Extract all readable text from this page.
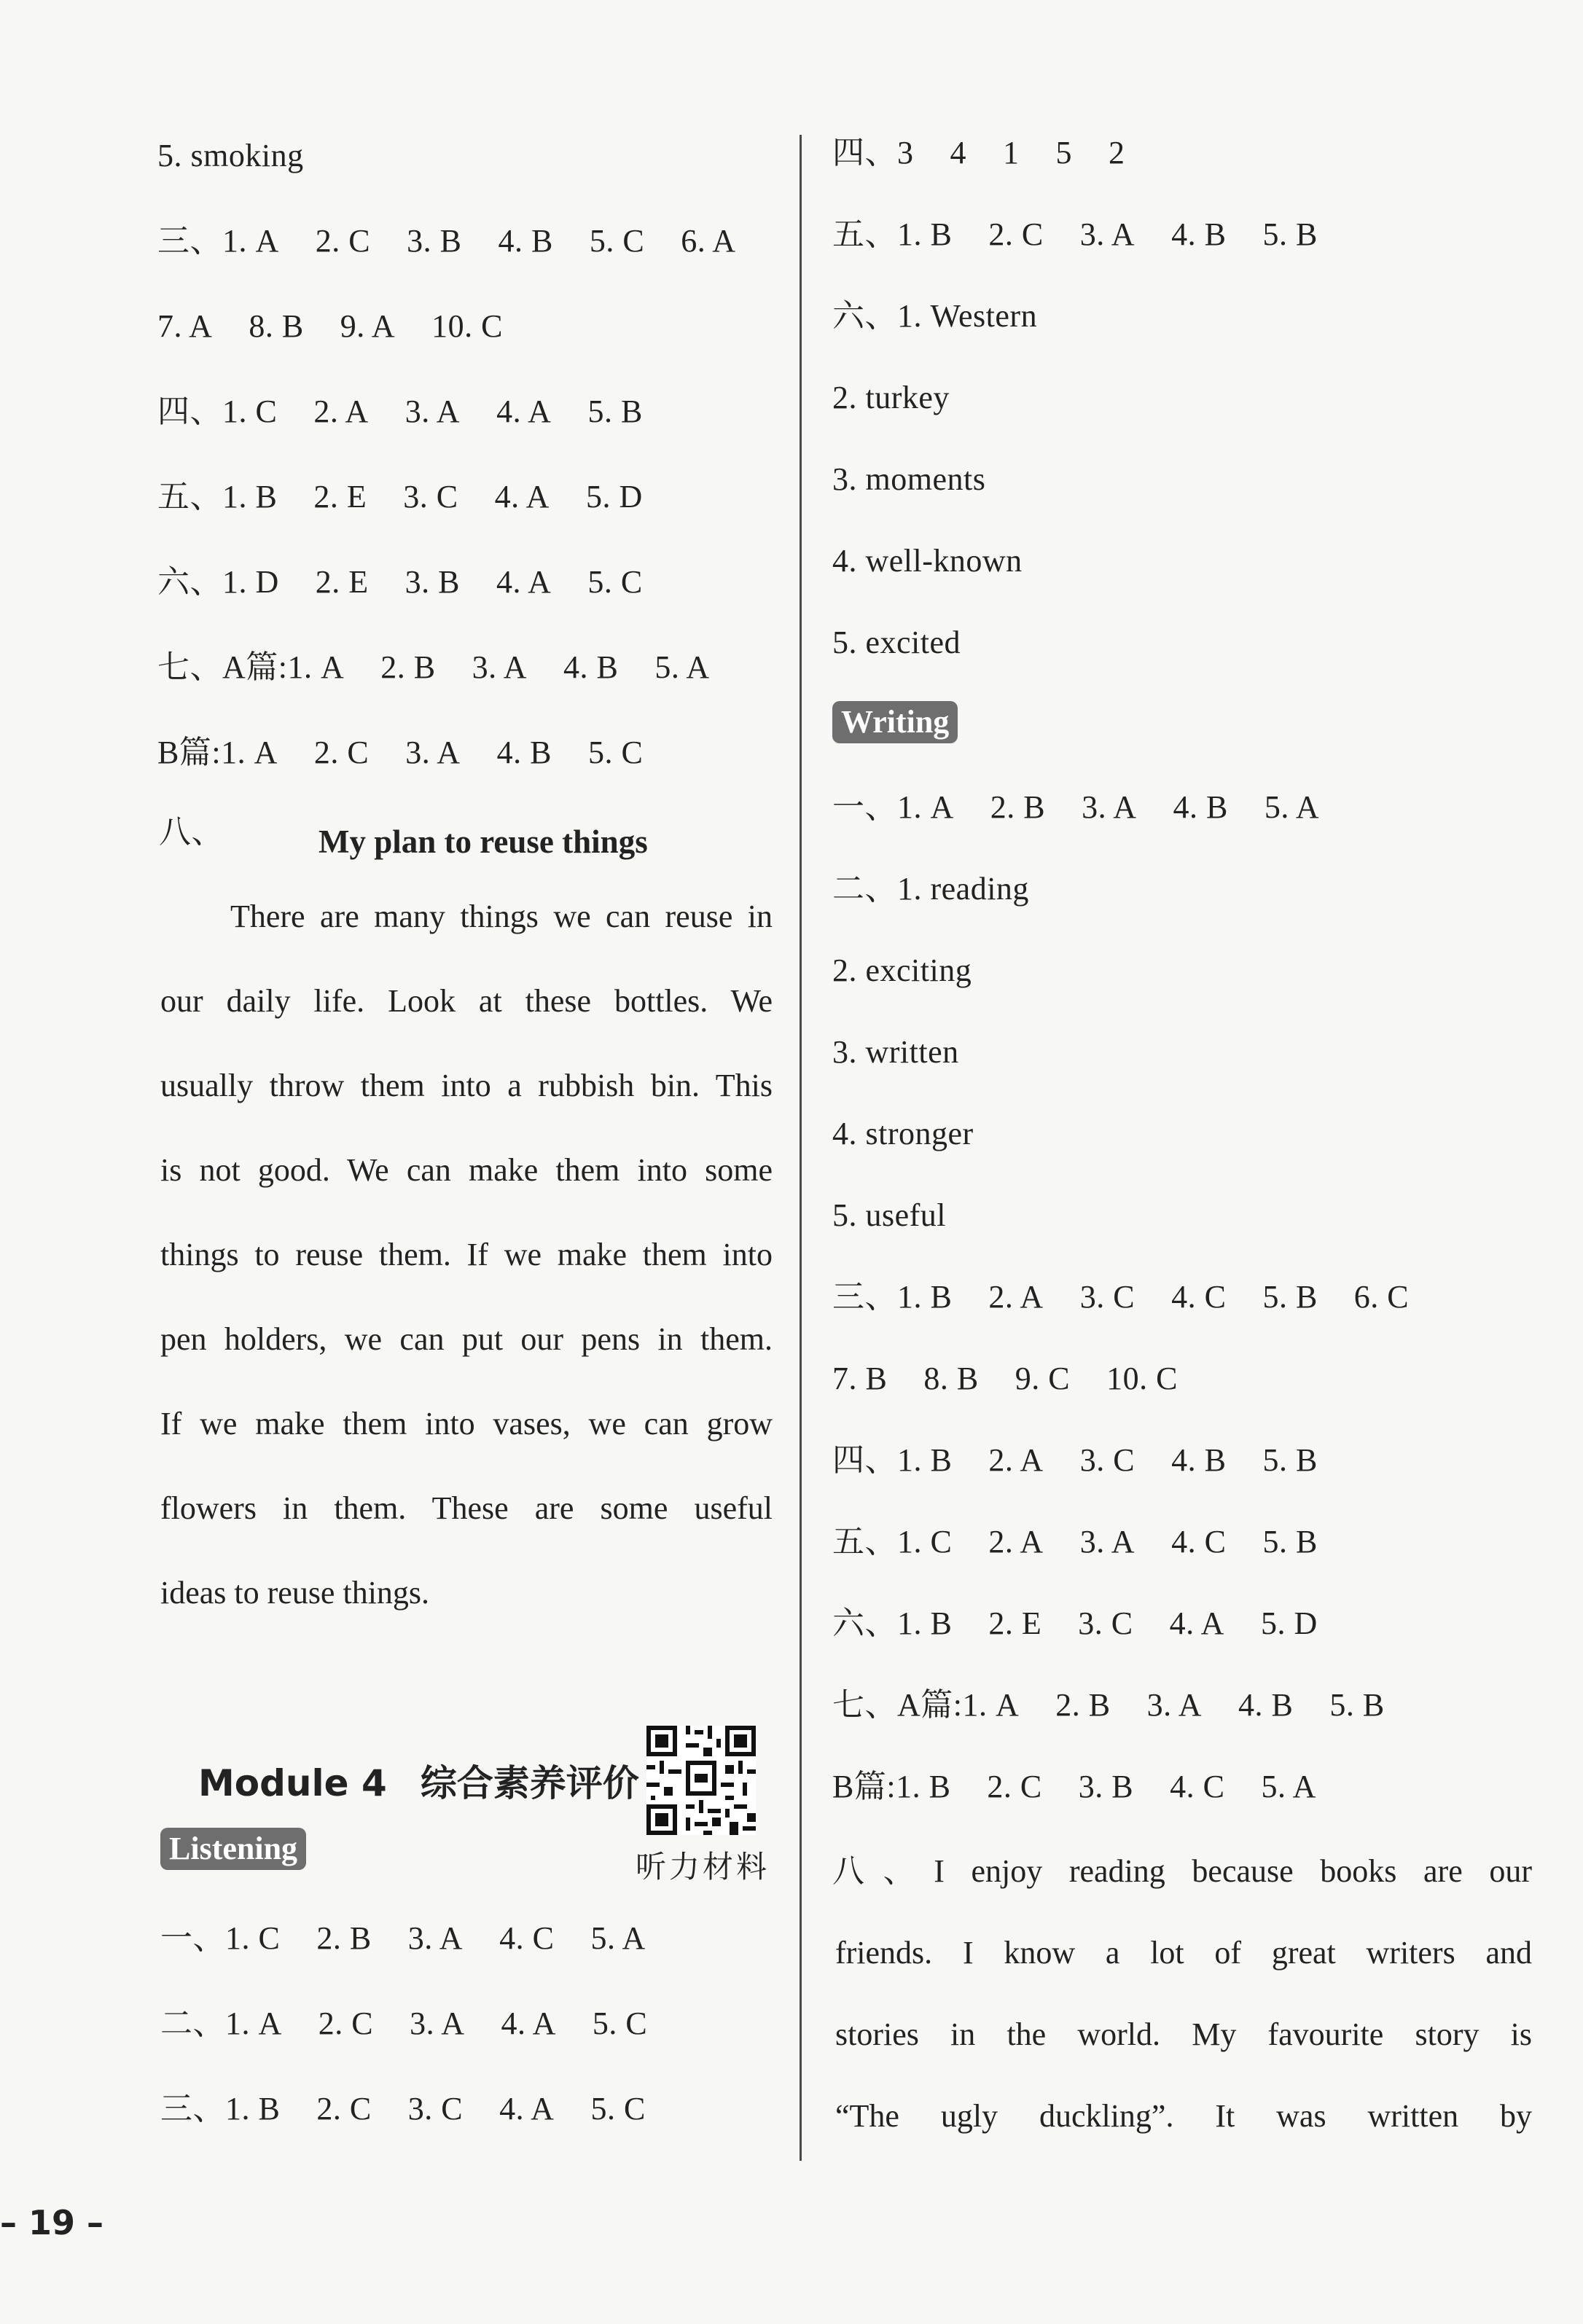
5. smoking
三、1. A 2. C 3. B 4. B 5. C 6. A
7. A 8. B 9. A 10. C
四、1. C 2. A 3. A 4. A 5. B
五、1. B 2. E 3. C 4. A 5. D
六、1. D 2. E 3. B 4. A 5. C
七、A篇:1. A 2. B 3. A 4. B 5. A
B篇:1. A 2. C 3. A 4. B 5. C
八、	My plan to reuse things
There are many things we can reuse in
our daily life. Look at these bottles. We
usually throw them into a rubbish bin. This
is not good. We can make them into some
things to reuse them. If we make them into
pen holders, we can put our pens in them.
If we make them into vases, we can grow
flowers in them. These are some useful
ideas to reuse things.
Module 4 综合素养评价
听力材料
Listening
一、1. C 2. B 3. A 4. C 5. A
二、1. A 2. C 3. A 4. A 5. C
三、1. B 2. C 3. C 4. A 5. C
四、3 4 1 5 2
五、1. B 2. C 3. A 4. B 5. B
六、1. Western
2. turkey
3. moments
4. well-known
5. excited
Writing
一、1. A 2. B 3. A 4. B 5. A
二、1. reading
2. exciting
3. written
4. stronger
5. useful
三、1. B 2. A 3. C 4. C 5. B 6. C
7. B 8. B 9. C 10. C
四、1. B 2. A 3. C 4. B 5. B
五、1. C 2. A 3. A 4. C 5. B
六、1. B 2. E 3. C 4. A 5. D
七、A篇:1. A 2. B 3. A 4. B 5. B
B篇:1. B 2. C 3. B 4. C 5. A
八、I enjoy reading because books are our
friends. I know a lot of great writers and
stories in the world. My favourite story is
“The ugly duckling”. It was written by
– 19 –
